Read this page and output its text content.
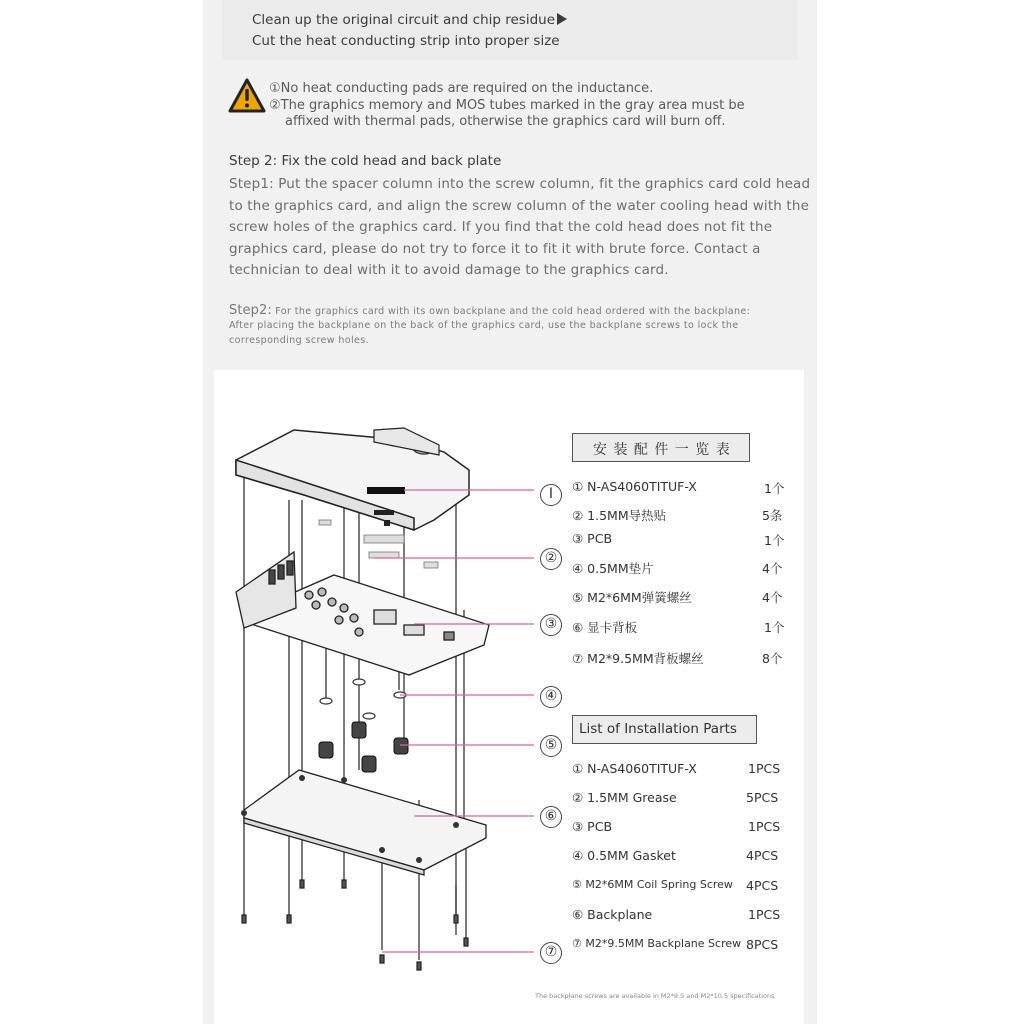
Clean up the original circuit and chip residue
Cut the heat conducting strip into proper size
①No heat conducting pads are required on the inductance.
②The graphics memory and MOS tubes marked in the gray area must be
affixed with thermal pads, otherwise the graphics card will burn off.
Step 2: Fix the cold head and back plate
Step1: Put the spacer column into the screw column, fit the graphics card cold head
to the graphics card, and align the screw column of the water cooling head with the
screw holes of the graphics card. If you find that the cold head does not fit the
graphics card, please do not try to force it to fit it with brute force. Contact a
technician to deal with it to avoid damage to the graphics card.
Step2: For the graphics card with its own backplane and the cold head ordered with the backplane:
After placing the backplane on the back of the graphics card, use the backplane screws to lock the
corresponding screw holes.
Ⅰ
②
③
④
⑤
⑥
⑦
安 装 配 件 一 览 表
① N-AS4060TITUF-X	1个
② 1.5MM导热贴	5条
③ PCB	1个
④ 0.5MM垫片	4个
⑤ M2*6MM弹簧螺丝	4个
⑥ 显卡背板	1个
⑦ M2*9.5MM背板螺丝	8个
List of Installation Parts
① N-AS4060TITUF-X	1PCS
② 1.5MM Grease	5PCS
③ PCB	1PCS
④ 0.5MM Gasket	4PCS
⑤ M2*6MM Coil Spring Screw 4PCS
⑥ Backplane	1PCS
⑦ M2*9.5MM Backplane Screw 8PCS
The backplane screws are available in M2*9.5 and M2*10.5 specifications
